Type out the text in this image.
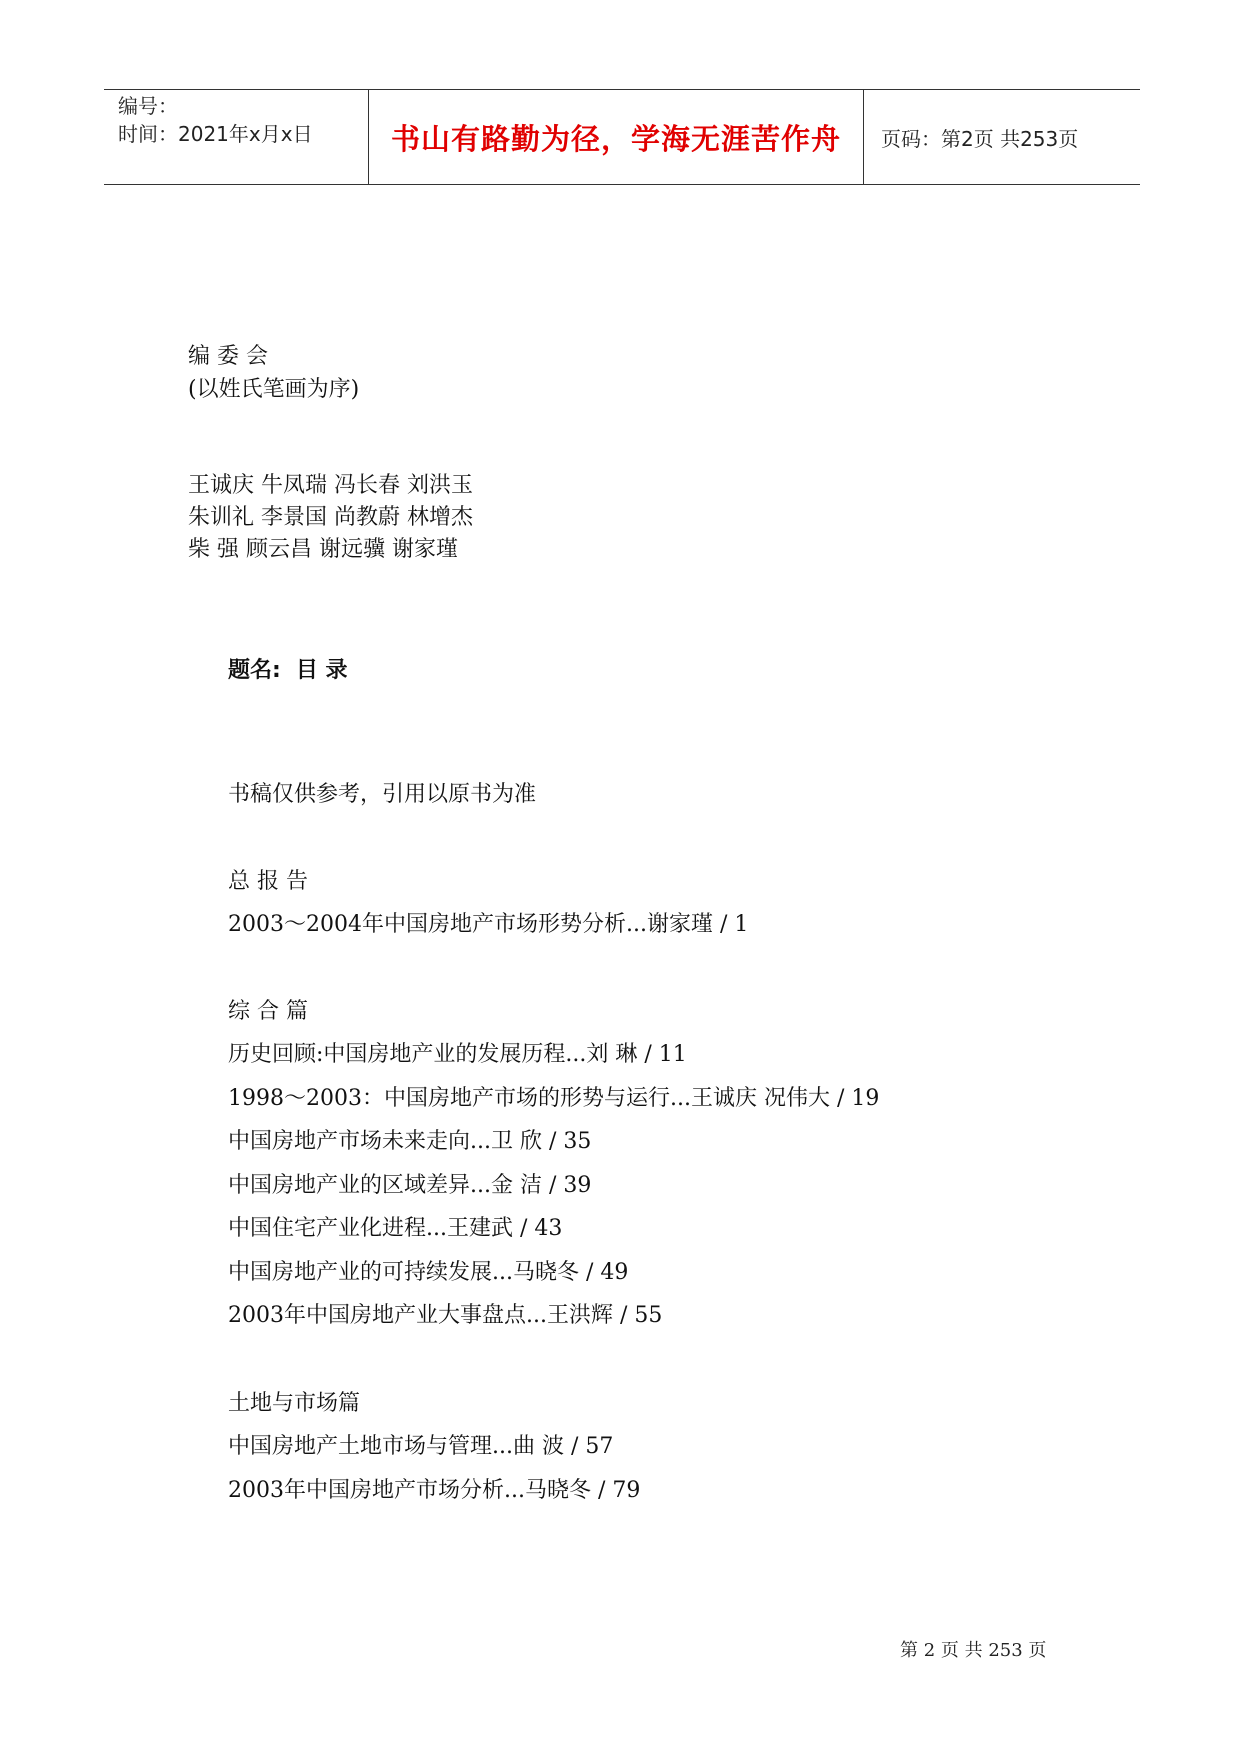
编号：
时间：2021年x月x日	书山有路勤为径，学海无涯苦作舟	页码：第2页 共253页
编 委 会
(以姓氏笔画为序)
王诚庆 牛凤瑞 冯长春 刘洪玉
朱训礼 李景国 尚教蔚 林增杰
柴 强 顾云昌 谢远骥 谢家瑾
题名: 目 录
书稿仅供参考，引用以原书为准
总 报 告
2003～2004年中国房地产市场形势分析...谢家瑾 / 1
综 合 篇
历史回顾:中国房地产业的发展历程...刘 琳 / 11
1998～2003：中国房地产市场的形势与运行...王诚庆 况伟大 / 19
中国房地产市场未来走向...卫 欣 / 35
中国房地产业的区域差异...金 洁 / 39
中国住宅产业化进程...王建武 / 43
中国房地产业的可持续发展...马晓冬 / 49
2003年中国房地产业大事盘点...王洪辉 / 55
土地与市场篇
中国房地产土地市场与管理...曲 波 / 57
2003年中国房地产市场分析...马晓冬 / 79
第 2 页 共 253 页
